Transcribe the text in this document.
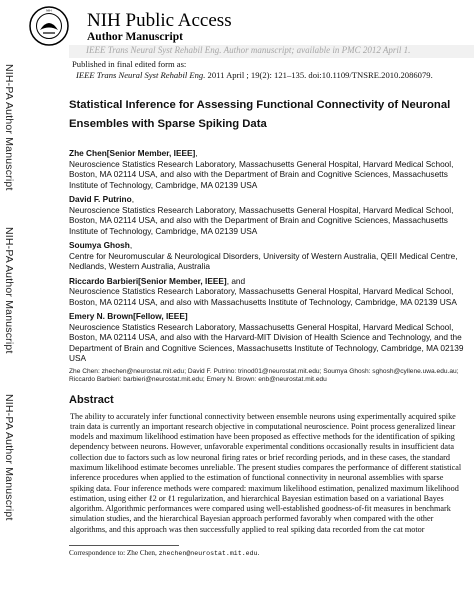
NIH-PA Author Manuscript
NIH-PA Author Manuscript
NIH-PA Author Manuscript
NIH NIH Public Access
Author Manuscript
IEEE Trans Neural Syst Rehabil Eng. Author manuscript; available in PMC 2012 April 1.
Published in final edited form as:
IEEE Trans Neural Syst Rehabil Eng. 2011 April ; 19(2): 121–135. doi:10.1109/TNSRE.2010.2086079.
Statistical Inference for Assessing Functional Connectivity of Neuronal Ensembles with Sparse Spiking Data
Zhe Chen[Senior Member, IEEE],
Neuroscience Statistics Research Laboratory, Massachusetts General Hospital, Harvard Medical School, Boston, MA 02114 USA, and also with the Department of Brain and Cognitive Sciences, Massachusetts Institute of Technology, Cambridge, MA 02139 USA
David F. Putrino,
Neuroscience Statistics Research Laboratory, Massachusetts General Hospital, Harvard Medical School, Boston, MA 02114 USA, and also with the Department of Brain and Cognitive Sciences, Massachusetts Institute of Technology, Cambridge, MA 02139 USA
Soumya Ghosh,
Centre for Neuromuscular & Neurological Disorders, University of Western Australia, QEII Medical Centre, Nedlands, Western Australia, Australia
Riccardo Barbieri[Senior Member, IEEE], and
Neuroscience Statistics Research Laboratory, Massachusetts General Hospital, Harvard Medical School, Boston, MA 02114 USA, and also with Massachusetts Institute of Technology, Cambridge, MA 02139 USA
Emery N. Brown[Fellow, IEEE]
Neuroscience Statistics Research Laboratory, Massachusetts General Hospital, Harvard Medical School, Boston, MA 02114 USA, and also with the Harvard-MIT Division of Health Science and Technology, and the Department of Brain and Cognitive Sciences, Massachusetts Institute of Technology, Cambridge, MA 02139 USA
Zhe Chen: zhechen@neurostat.mit.edu; David F. Putrino: trinod01@neurostat.mit.edu; Soumya Ghosh: sghosh@cyllene.uwa.edu.au; Riccardo Barbieri: barbieri@neurostat.mit.edu; Emery N. Brown: enb@neurostat.mit.edu
Abstract
The ability to accurately infer functional connectivity between ensemble neurons using experimentally acquired spike train data is currently an important research objective in computational neuroscience. Point process generalized linear models and maximum likelihood estimation have been proposed as effective methods for the identification of spiking dependency between neurons. However, unfavorable experimental conditions occasionally results in insufficient data collection due to factors such as low neuronal firing rates or brief recording periods, and in these cases, the standard maximum likelihood estimate becomes unreliable. The present studies compares the performance of different statistical inference procedures when applied to the estimation of functional connectivity in neuronal assemblies with sparse spiking data. Four inference methods were compared: maximum likelihood estimation, penalized maximum likelihood estimation, using either ℓ2 or ℓ1 regularization, and hierarchical Bayesian estimation based on a variational Bayes algorithm. Algorithmic performances were compared using well-established goodness-of-fit measures in benchmark simulation studies, and the hierarchical Bayesian approach performed favorably when compared with the other algorithms, and this approach was then successfully applied to real spiking data recorded from the cat motor
Correspondence to: Zhe Chen, zhechen@neurostat.mit.edu.
